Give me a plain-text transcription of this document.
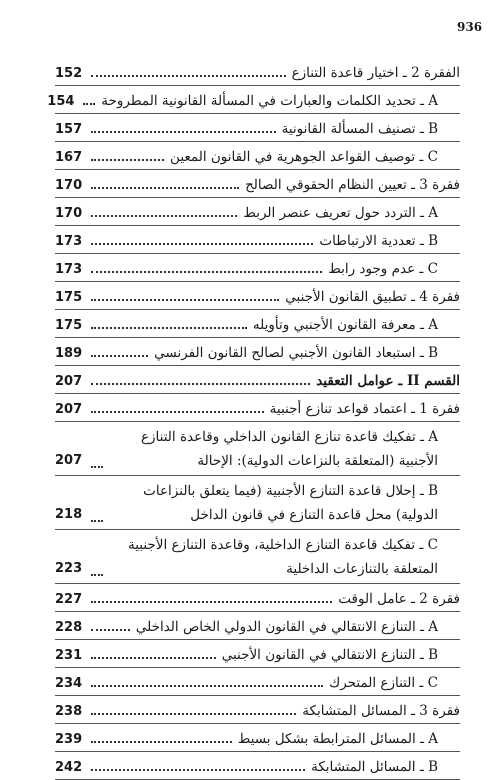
936
الفقرة 2 ـ اختيار قاعدة التنازع
152
A ـ تحديد الكلمات والعبارات في المسألة القانونية المطروحة
154
B ـ تصنيف المسألة القانونية
157
C ـ توصيف القواعد الجوهرية في القانون المعين
167
فقرة 3 ـ تعيين النظام الحقوقي الصالح
170
A ـ التردد حول تعريف عنصر الربط
170
B ـ تعددية الارتباطات
173
C ـ عدم وجود رابط
173
فقرة 4 ـ تطبيق القانون الأجنبي
175
A ـ معرفة القانون الأجنبي وتأويله
175
B ـ استبعاد القانون الأجنبي لصالح القانون الفرنسي
189
القسم II ـ عوامل التعقيد
207
فقرة 1 ـ اعتماد قواعد تنازع أجنبية
207
A ـ تفكيك قاعدة تنازع القانون الداخلي وقاعدة التنازع الأجنبية (المتعلقة بالنزاعات الدولية): الإحالة
207
B ـ إحلال قاعدة التنازع الأجنبية (فيما يتعلق بالنزاعات الدولية) محل قاعدة التنازع في قانون الداخل
218
C ـ تفكيك قاعدة التنازع الداخلية، وقاعدة التنازع الأجنبية المتعلقة بالتنازعات الداخلية
223
فقرة 2 ـ عامل الوقت
227
A ـ التنازع الانتقالي في القانون الدولي الخاص الداخلي
228
B ـ التنازع الانتقالي في القانون الأجنبي
231
C ـ التنازع المتحرك
234
فقرة 3 ـ المسائل المتشابكة
238
A ـ المسائل المترابطة بشكل بسيط
239
B ـ المسائل المتشابكة
242
